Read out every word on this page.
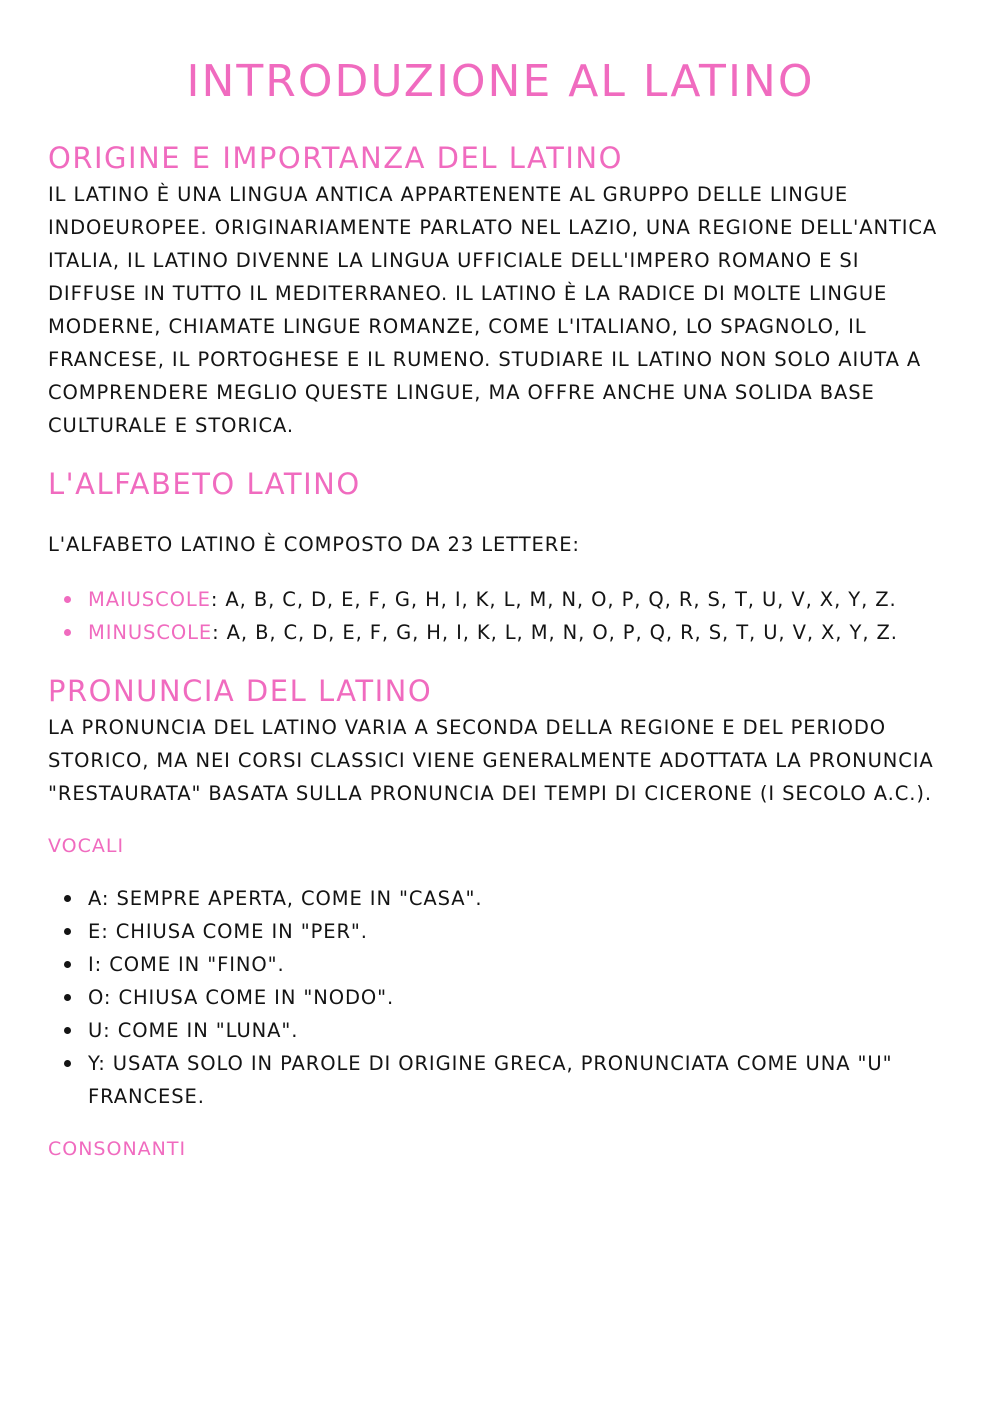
INTRODUZIONE AL LATINO
ORIGINE E IMPORTANZA DEL LATINO

IL LATINO È UNA LINGUA ANTICA APPARTENENTE AL GRUPPO DELLE LINGUE INDOEUROPEE. ORIGINARIAMENTE PARLATO NEL LAZIO, UNA REGIONE DELL'ANTICA ITALIA, IL LATINO DIVENNE LA LINGUA UFFICIALE DELL'IMPERO ROMANO E SI DIFFUSE IN TUTTO IL MEDITERRANEO. IL LATINO È LA RADICE DI MOLTE LINGUE MODERNE, CHIAMATE LINGUE ROMANZE, COME L'ITALIANO, LO SPAGNOLO, IL FRANCESE, IL PORTOGHESE E IL RUMENO. STUDIARE IL LATINO NON SOLO AIUTA A COMPRENDERE MEGLIO QUESTE LINGUE, MA OFFRE ANCHE UNA SOLIDA BASE CULTURALE E STORICA.

L'ALFABETO LATINO

L'ALFABETO LATINO È COMPOSTO DA 23 LETTERE:

MAIUSCOLE: A, B, C, D, E, F, G, H, I, K, L, M, N, O, P, Q, R, S, T, U, V, X, Y, Z.
MINUSCOLE: A, B, C, D, E, F, G, H, I, K, L, M, N, O, P, Q, R, S, T, U, V, X, Y, Z.
PRONUNCIA DEL LATINO

LA PRONUNCIA DEL LATINO VARIA A SECONDA DELLA REGIONE E DEL PERIODO STORICO, MA NEI CORSI CLASSICI VIENE GENERALMENTE ADOTTATA LA PRONUNCIA "RESTAURATA" BASATA SULLA PRONUNCIA DEI TEMPI DI CICERONE (I SECOLO A.C.).

VOCALI
A: SEMPRE APERTA, COME IN "CASA".
E: CHIUSA COME IN "PER".
I: COME IN "FINO".
O: CHIUSA COME IN "NODO".
U: COME IN "LUNA".
Y: USATA SOLO IN PAROLE DI ORIGINE GRECA, PRONUNCIATA COME UNA "U" FRANCESE.
CONSONANTI
